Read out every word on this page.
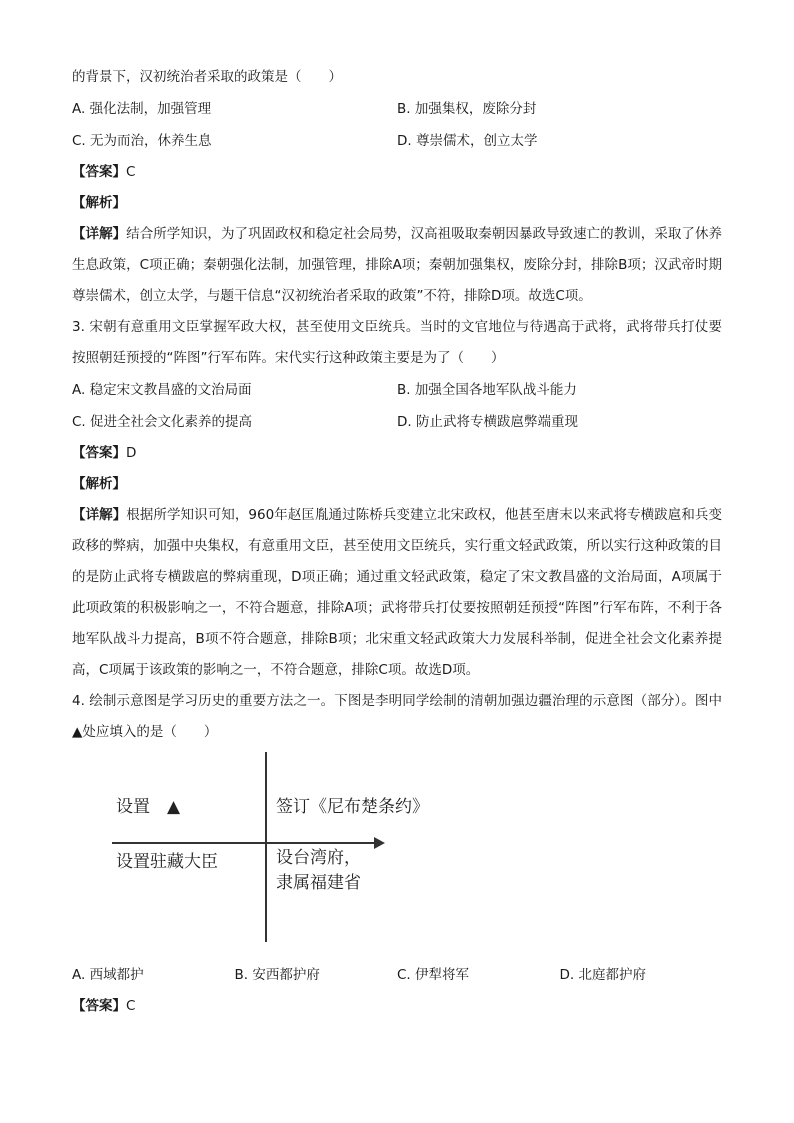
的背景下，汉初统治者采取的政策是（　　）
A. 强化法制，加强管理	B. 加强集权，废除分封
C. 无为而治，休养生息	D. 尊崇儒术，创立太学
【答案】C
【解析】
【详解】结合所学知识，为了巩固政权和稳定社会局势，汉高祖吸取秦朝因暴政导致速亡的教训，采取了休养生息政策，C项正确；秦朝强化法制，加强管理，排除A项；秦朝加强集权，废除分封，排除B项；汉武帝时期尊崇儒术，创立太学，与题干信息“汉初统治者采取的政策”不符，排除D项。故选C项。
3. 宋朝有意重用文臣掌握军政大权，甚至使用文臣统兵。当时的文官地位与待遇高于武将，武将带兵打仗要按照朝廷预授的“阵图”行军布阵。宋代实行这种政策主要是为了（　　）
A. 稳定宋文教昌盛的文治局面	B. 加强全国各地军队战斗能力
C. 促进全社会文化素养的提高	D. 防止武将专横跋扈弊端重现
【答案】D
【解析】
【详解】根据所学知识可知，960年赵匡胤通过陈桥兵变建立北宋政权，他甚至唐末以来武将专横跋扈和兵变政移的弊病，加强中央集权，有意重用文臣，甚至使用文臣统兵，实行重文轻武政策，所以实行这种政策的目的是防止武将专横跋扈的弊病重现，D项正确；通过重文轻武政策，稳定了宋文教昌盛的文治局面，A项属于此项政策的积极影响之一，不符合题意，排除A项；武将带兵打仗要按照朝廷预授“阵图”行军布阵，不利于各地军队战斗力提高，B项不符合题意，排除B项；北宋重文轻武政策大力发展科举制，促进全社会文化素养提高，C项属于该政策的影响之一，不符合题意，排除C项。故选D项。
4. 绘制示意图是学习历史的重要方法之一。下图是李明同学绘制的清朝加强边疆治理的示意图（部分）。图中▲处应填入的是（　　）
设置　▲
设置驻藏大臣
签订《尼布楚条约》
设台湾府，
隶属福建省
A. 西域都护	B. 安西都护府	C. 伊犁将军	D. 北庭都护府
【答案】C
